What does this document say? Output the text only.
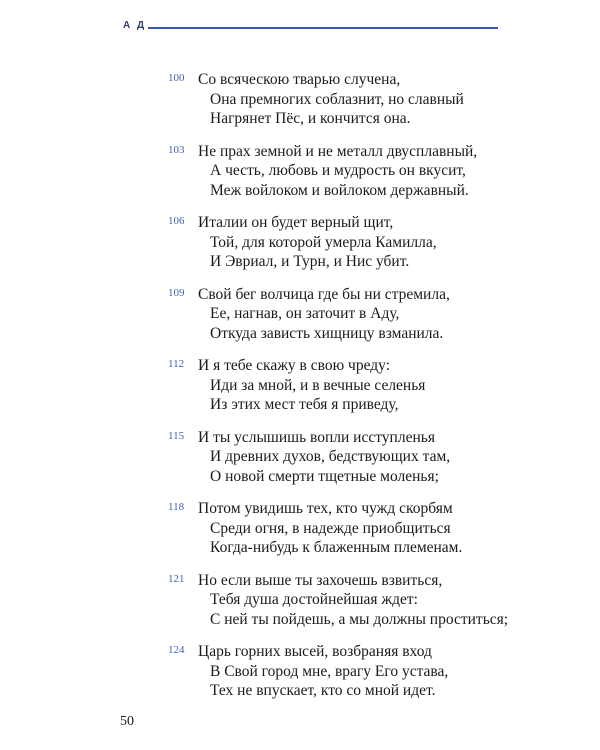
А Д
100 Со всяческою тварью случена,
Она премногих соблазнит, но славный
Нагрянет Пёс, и кончится она.
103 Не прах земной и не металл двусплавный,
А честь, любовь и мудрость он вкусит,
Меж войлоком и войлоком державный.
106 Италии он будет верный щит,
Той, для которой умерла Камилла,
И Эвриал, и Турн, и Нис убит.
109 Свой бег волчица где бы ни стремила,
Ее, нагнав, он заточит в Аду,
Откуда зависть хищницу взманила.
112 И я тебе скажу в свою чреду:
Иди за мной, и в вечные селенья
Из этих мест тебя я приведу,
115 И ты услышишь вопли исступленья
И древних духов, бедствующих там,
О новой смерти тщетные моленья;
118 Потом увидишь тех, кто чужд скорбям
Среди огня, в надежде приобщиться
Когда-нибудь к блаженным племенам.
121 Но если выше ты захочешь взвиться,
Тебя душа достойнейшая ждет:
С ней ты пойдешь, а мы должны проститься;
124 Царь горних высей, возбраняя вход
В Свой город мне, врагу Его устава,
Тех не впускает, кто со мной идет.
50
